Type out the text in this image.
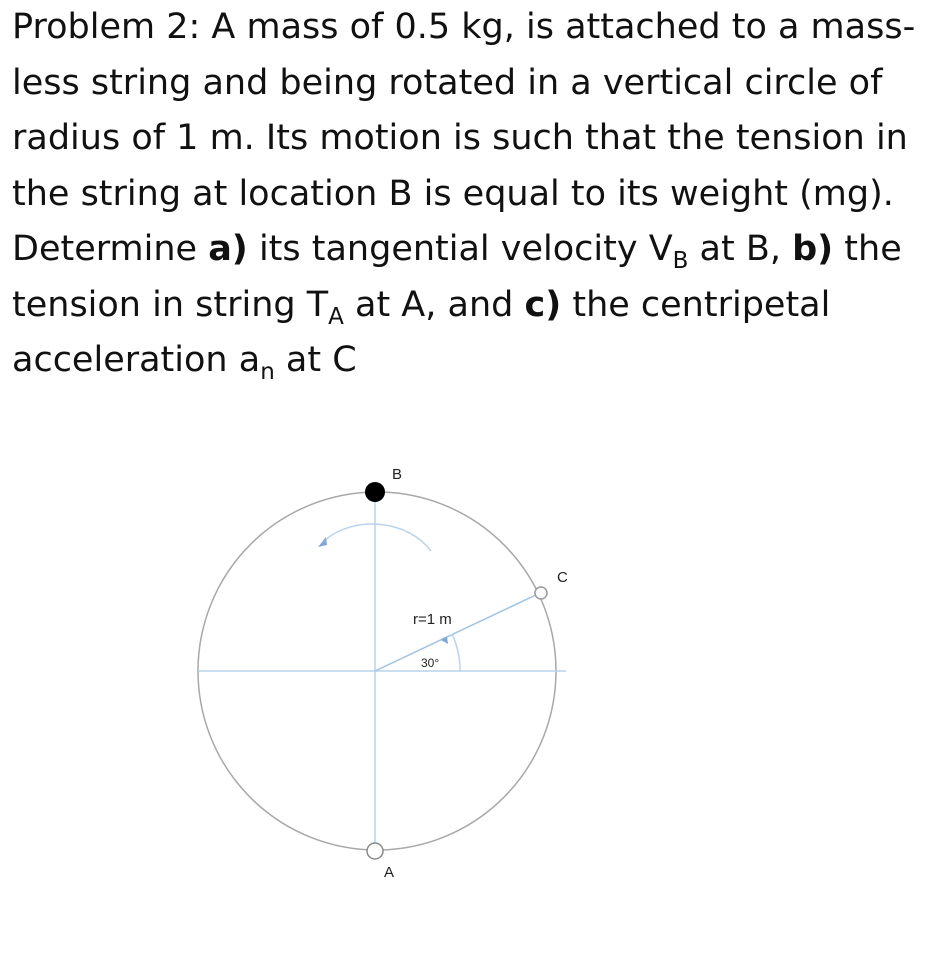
Problem 2: A mass of 0.5 kg, is attached to a mass-
less string and being rotated in a vertical circle of
radius of 1 m. Its motion is such that the tension in
the string at location B is equal to its weight (mg).
Determine a) its tangential velocity $V_B$ at B, b) the
tension in string $T_A$ at A, and c) the centripetal
acceleration $a_n$ at C
B
A
C
r=1 m
30°
